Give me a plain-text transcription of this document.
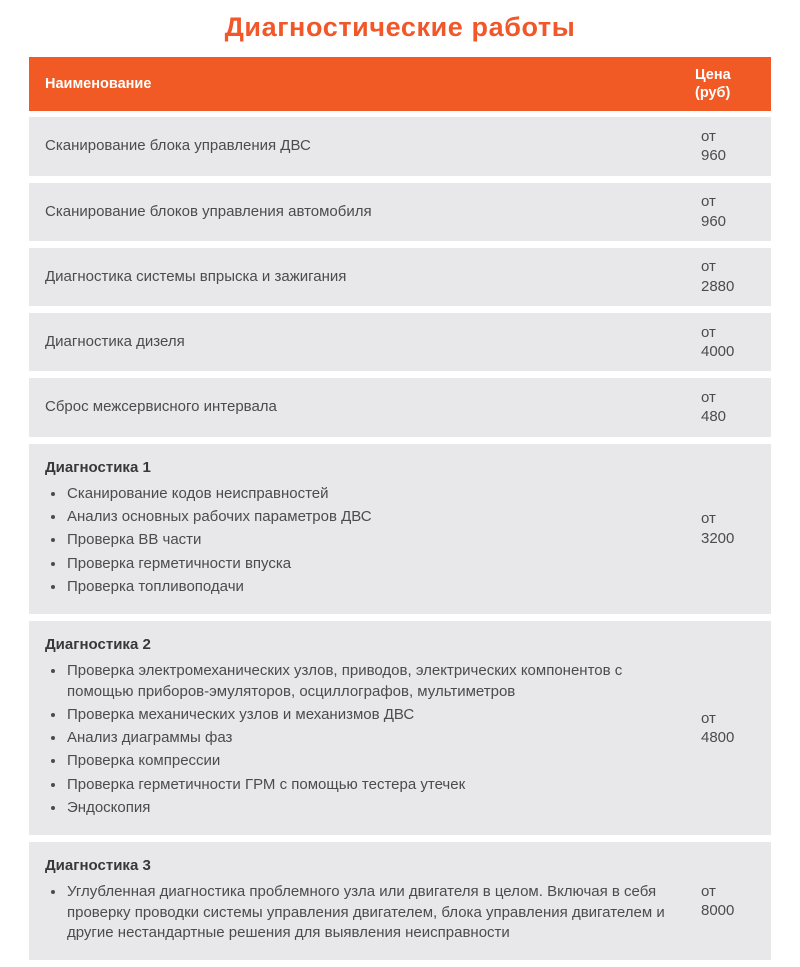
Диагностические работы
Наименование
Цена (руб)
Сканирование блока управления ДВС
от
960
Сканирование блоков управления автомобиля
от
960
Диагностика системы впрыска и зажигания
от
2880
Диагностика дизеля
от
4000
Сброс межсервисного интервала
от
480
Диагностика 1
• Сканирование кодов неисправностей
• Анализ основных рабочих параметров ДВС
• Проверка ВВ части
• Проверка герметичности впуска
• Проверка топливоподачи
от
3200
Диагностика 2
• Проверка электромеханических узлов, приводов, электрических компонентов с помощью приборов-эмуляторов, осциллографов, мультиметров
• Проверка механических узлов и механизмов ДВС
• Анализ диаграммы фаз
• Проверка компрессии
• Проверка герметичности ГРМ с помощью тестера утечек
• Эндоскопия
от
4800
Диагностика 3
• Углубленная диагностика проблемного узла или двигателя в целом. Включая в себя проверку проводки системы управления двигателем, блока управления двигателем и другие нестандартные решения для выявления неисправности
от
8000
